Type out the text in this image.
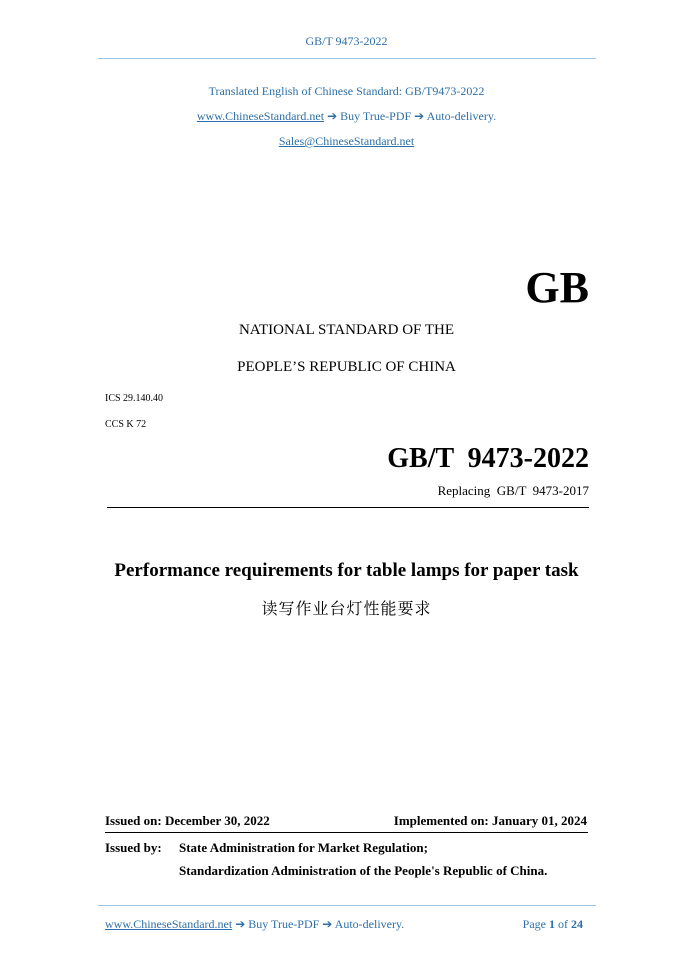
GB/T 9473-2022
Translated English of Chinese Standard: GB/T9473-2022
www.ChineseStandard.net ➔ Buy True-PDF ➔ Auto-delivery.
Sales@ChineseStandard.net
GB
NATIONAL STANDARD OF THE
PEOPLE’S REPUBLIC OF CHINA
ICS 29.140.40
CCS K 72
GB/T  9473-2022
Replacing  GB/T  9473-2017
Performance requirements for table lamps for paper task
读写作业台灯性能要求
Issued on: December 30, 2022	Implemented on: January 01, 2024
Issued by: State Administration for Market Regulation;
Standardization Administration of the People's Republic of China.
www.ChineseStandard.net ➔ Buy True-PDF ➔ Auto-delivery.	Page 1 of 24
